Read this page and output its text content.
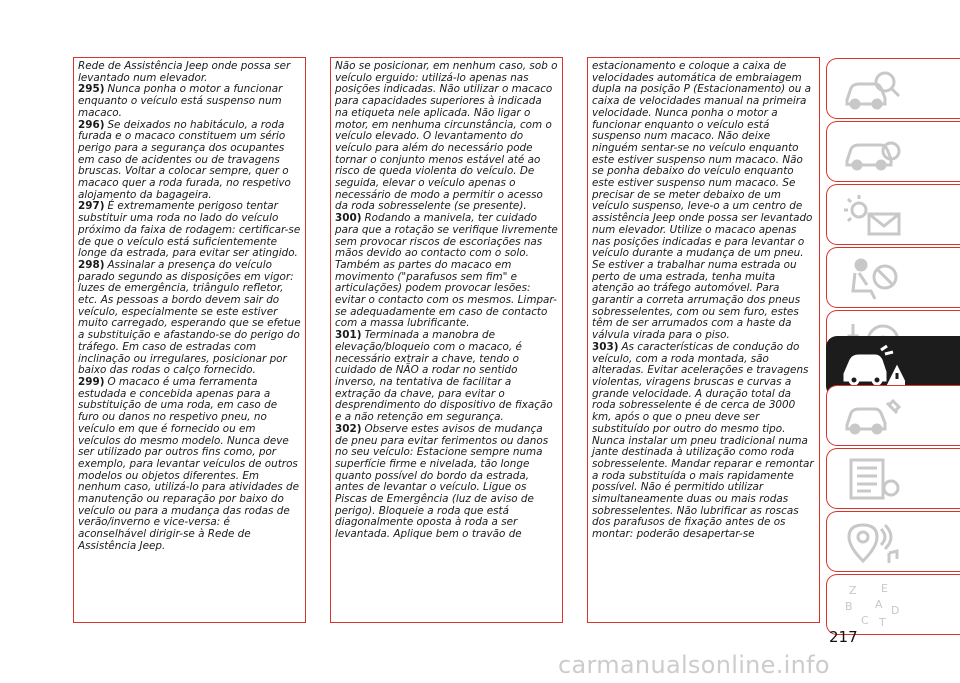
Rede de Assistência Jeep onde possa ser levantado num elevador.

295) Nunca ponha o motor a funcionar enquanto o veículo está suspenso num macaco.

296) Se deixados no habitáculo, a roda furada e o macaco constituem um sério perigo para a segurança dos ocupantes em caso de acidentes ou de travagens bruscas. Voltar a colocar sempre, quer o macaco quer a roda furada, no respetivo alojamento da bagageira.

297) É extremamente perigoso tentar substituir uma roda no lado do veículo próximo da faixa de rodagem: certificar-se de que o veículo está suficientemente longe da estrada, para evitar ser atingido.

298) Assinalar a presença do veículo parado segundo as disposições em vigor: luzes de emergência, triângulo refletor, etc. As pessoas a bordo devem sair do veículo, especialmente se este estiver muito carregado, esperando que se efetue a substituição e afastando-se do perigo do tráfego. Em caso de estradas com inclinação ou irregulares, posicionar por baixo das rodas o calço fornecido.

299) O macaco é uma ferramenta estudada e concebida apenas para a substituição de uma roda, em caso de furo ou danos no respetivo pneu, no veículo em que é fornecido ou em veículos do mesmo modelo. Nunca deve ser utilizado par outros fins como, por exemplo, para levantar veículos de outros modelos ou objetos diferentes. Em nenhum caso, utilizá-lo para atividades de manutenção ou reparação por baixo do veículo ou para a mudança das rodas de verão/inverno e vice-versa: é aconselhável dirigir-se à Rede de Assistência Jeep.

Não se posicionar, em nenhum caso, sob o veículo erguido: utilizá-lo apenas nas posições indicadas. Não utilizar o macaco para capacidades superiores à indicada na etiqueta nele aplicada. Não ligar o motor, em nenhuma circunstância, com o veículo elevado. O levantamento do veículo para além do necessário pode tornar o conjunto menos estável até ao risco de queda violenta do veículo. De seguida, elevar o veículo apenas o necessário de modo a permitir o acesso da roda sobresselente (se presente).

300) Rodando a manivela, ter cuidado para que a rotação se verifique livremente sem provocar riscos de escoriações nas mãos devido ao contacto com o solo. Também as partes do macaco em movimento ("parafusos sem fim" e articulações) podem provocar lesões: evitar o contacto com os mesmos. Limpar-se adequadamente em caso de contacto com a massa lubrificante.

301) Terminada a manobra de elevação/bloqueio com o macaco, é necessário extrair a chave, tendo o cuidado de NÃO a rodar no sentido inverso, na tentativa de facilitar a extração da chave, para evitar o desprendimento do dispositivo de fixação e a não retenção em segurança.

302) Observe estes avisos de mudança de pneu para evitar ferimentos ou danos no seu veículo: Estacione sempre numa superfície firme e nivelada, tão longe quanto possível do bordo da estrada, antes de levantar o veículo. Ligue os Piscas de Emergência (luz de aviso de perigo). Bloqueie a roda que está diagonalmente oposta à roda a ser levantada. Aplique bem o travão de

estacionamento e coloque a caixa de velocidades automática de embraiagem dupla na posição P (Estacionamento) ou a caixa de velocidades manual na primeira velocidade. Nunca ponha o motor a funcionar enquanto o veículo está suspenso num macaco. Não deixe ninguém sentar-se no veículo enquanto este estiver suspenso num macaco. Não se ponha debaixo do veículo enquanto este estiver suspenso num macaco. Se precisar de se meter debaixo de um veículo suspenso, leve-o a um centro de assistência Jeep onde possa ser levantado num elevador. Utilize o macaco apenas nas posições indicadas e para levantar o veículo durante a mudança de um pneu. Se estiver a trabalhar numa estrada ou perto de uma estrada, tenha muita atenção ao tráfego automóvel. Para garantir a correta arrumação dos pneus sobresselentes, com ou sem furo, estes têm de ser arrumados com a haste da válvula virada para o piso.

303) As características de condução do veículo, com a roda montada, são alteradas. Evitar acelerações e travagens violentas, viragens bruscas e curvas a grande velocidade. A duração total da roda sobresselente é de cerca de 3000 km, após o que o pneu deve ser substituído por outro do mesmo tipo. Nunca instalar um pneu tradicional numa jante destinada à utilização como roda sobresselente. Mandar reparar e remontar a roda substituída o mais rapidamente possível. Não é permitido utilizar simultaneamente duas ou mais rodas sobresselentes. Não lubrificar as roscas dos parafusos de fixação antes de os montar: poderão desapertar-se

Z E
B A D
C T
217
carmanualsonline.info
